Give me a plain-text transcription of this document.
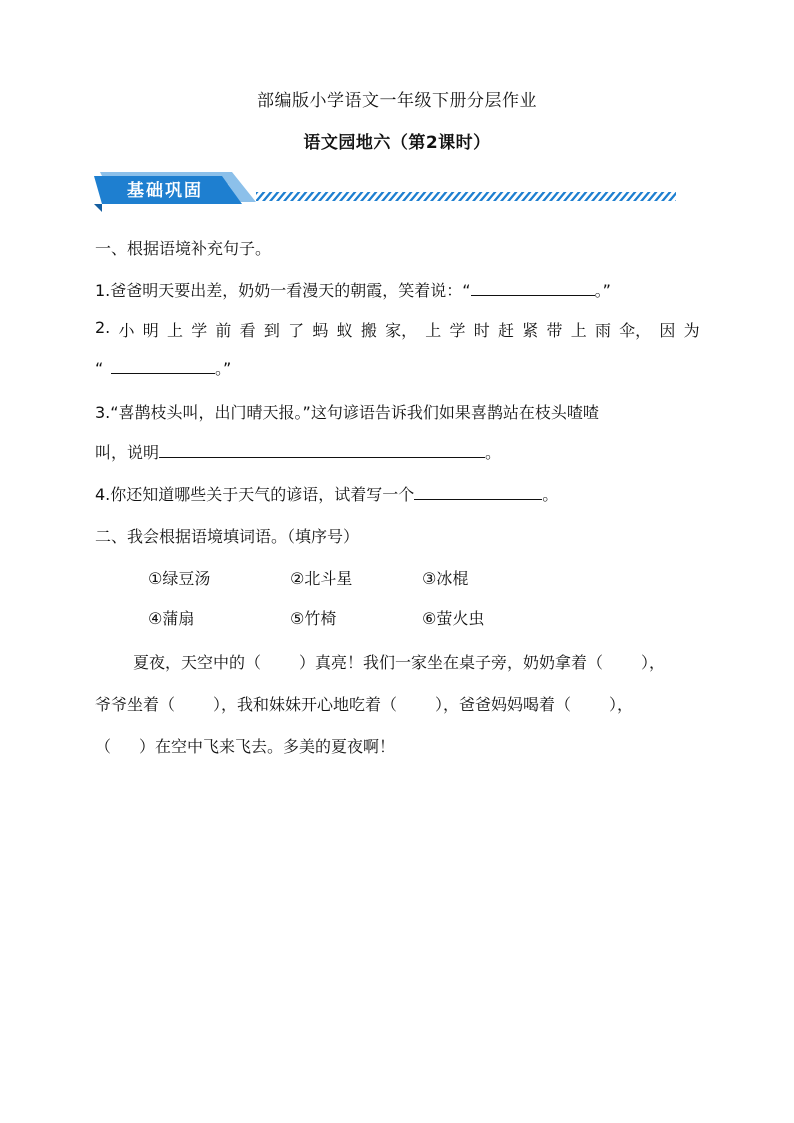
部编版小学语文一年级下册分层作业
语文园地六（第2课时）
基础巩固
一、根据语境补充句子。
1.爸爸明天要出差，奶奶一看漫天的朝霞，笑着说：“	。”
2. 小 明 上 学 前 看 到 了 蚂 蚁 搬 家， 上 学 时 赶 紧 带 上 雨 伞， 因 为
“	。”
3.“喜鹊枝头叫，出门晴天报。”这句谚语告诉我们如果喜鹊站在枝头喳喳
叫，说明	。
4.你还知道哪些关于天气的谚语，试着写一个	。
二、我会根据语境填词语。（填序号）
①绿豆汤	②北斗星	③冰棍
④蒲扇	⑤竹椅	⑥萤火虫
夏夜，天空中的（ ）真亮！我们一家坐在桌子旁，奶奶拿着（ ），
爷爷坐着（ ），我和妹妹开心地吃着（ ），爸爸妈妈喝着（ ），
（ ）在空中飞来飞去。多美的夏夜啊！
